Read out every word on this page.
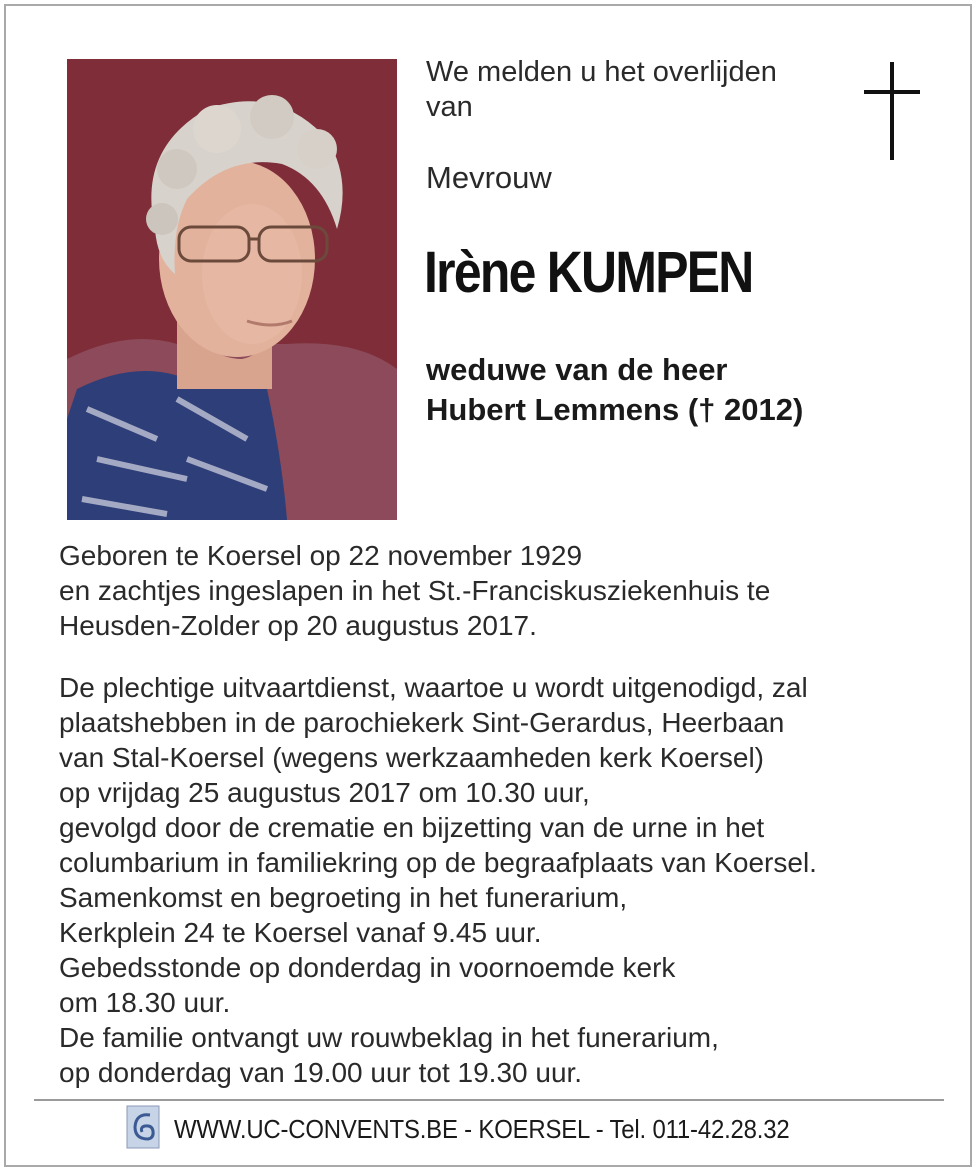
We melden u het overlijden
van
Mevrouw
Irène KUMPEN
weduwe van de heer
Hubert Lemmens († 2012)
Geboren te Koersel op 22 november 1929
en zachtjes ingeslapen in het St.-Franciskusziekenhuis te
Heusden-Zolder op 20 augustus 2017.
De plechtige uitvaartdienst, waartoe u wordt uitgenodigd, zal
plaatshebben in de parochiekerk Sint-Gerardus, Heerbaan
van Stal-Koersel (wegens werkzaamheden kerk Koersel)
op vrijdag 25 augustus 2017 om 10.30 uur,
gevolgd door de crematie en bijzetting van de urne in het
columbarium in familiekring op de begraafplaats van Koersel.
Samenkomst en begroeting in het funerarium,
Kerkplein 24 te Koersel vanaf 9.45 uur.
Gebedsstonde op donderdag in voornoemde kerk
om 18.30 uur.
De familie ontvangt uw rouwbeklag in het funerarium,
op donderdag van 19.00 uur tot 19.30 uur.
WWW.UC-CONVENTS.BE - KOERSEL - Tel. 011-42.28.32
